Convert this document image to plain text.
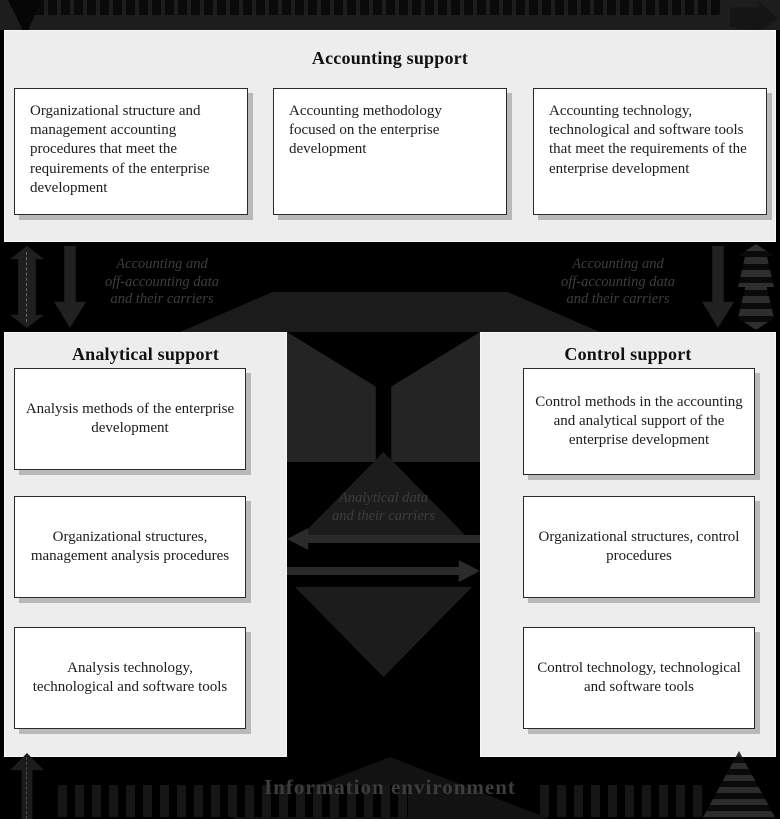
Accounting support
Organizational structure and management accounting procedures that meet the requirements of the enterprise development
Accounting methodology focused on the enterprise development
Accounting technology, technological and software tools that meet the requirements of the enterprise development
Accounting and
off-accounting data
and their carriers
Accounting and
off-accounting data
and their carriers
Analytical support
Analysis methods of the enterprise development
Organizational structures, management analysis procedures
Analysis technology, technological and software tools
Control support
Control methods in the accounting and analytical support of the enterprise development
Organizational structures, control procedures
Control technology, technological and software tools
Analytical data
and their carriers
Information environment
